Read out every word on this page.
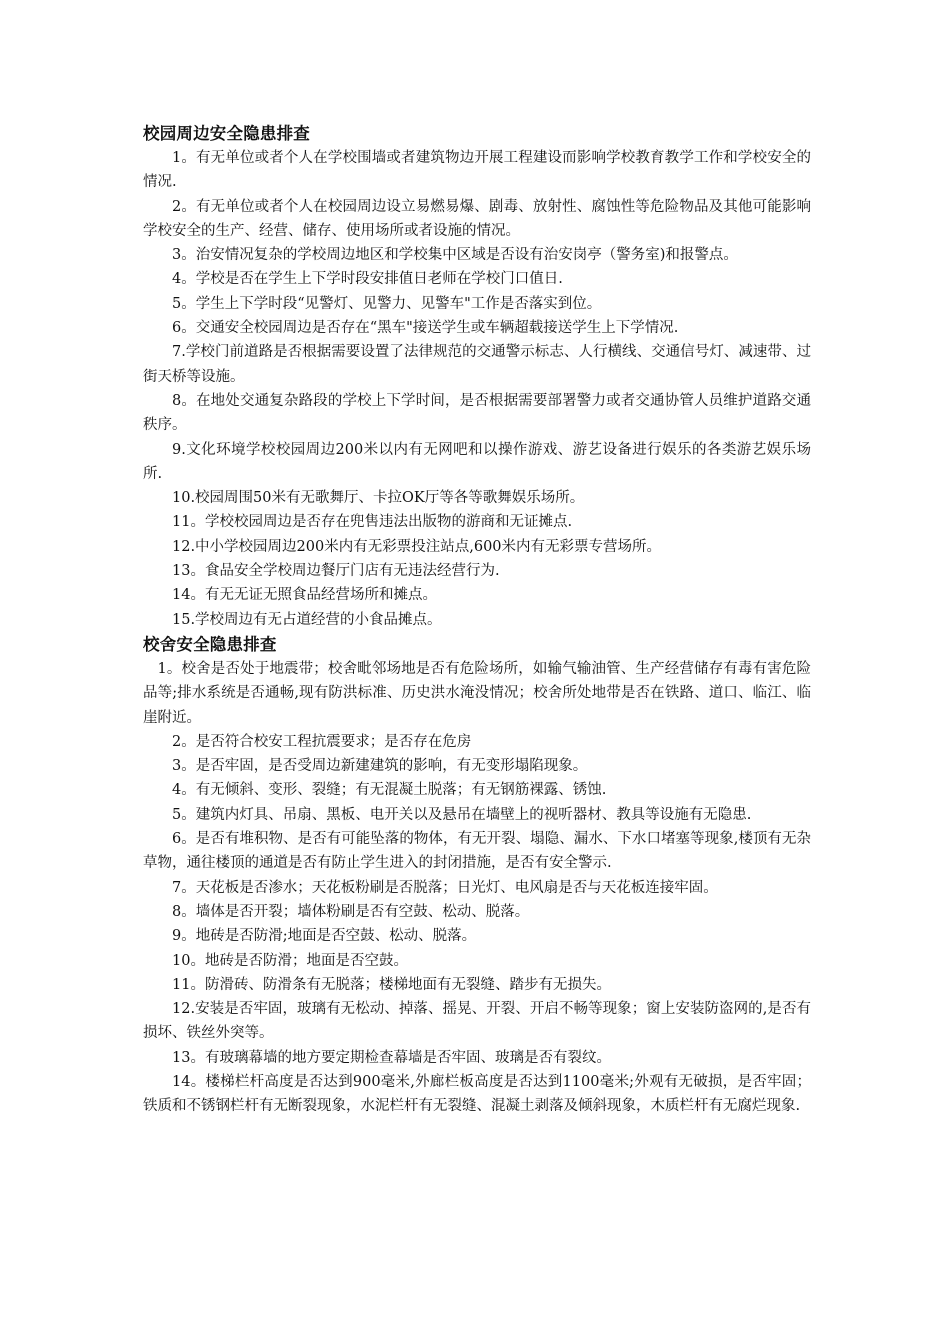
校园周边安全隐患排查

1。有无单位或者个人在学校围墙或者建筑物边开展工程建设而影响学校教育教学工作和学校安全的情况.

2。有无单位或者个人在校园周边设立易燃易爆、剧毒、放射性、腐蚀性等危险物品及其他可能影响学校安全的生产、经营、储存、使用场所或者设施的情况。

3。治安情况复杂的学校周边地区和学校集中区域是否设有治安岗亭（警务室)和报警点。

4。学校是否在学生上下学时段安排值日老师在学校门口值日.

5。学生上下学时段“见警灯、见警力、见警车"工作是否落实到位。

6。交通安全校园周边是否存在“黑车"接送学生或车辆超载接送学生上下学情况.

7.学校门前道路是否根据需要设置了法律规范的交通警示标志、人行横线、交通信号灯、减速带、过街天桥等设施。

8。在地处交通复杂路段的学校上下学时间，是否根据需要部署警力或者交通协管人员维护道路交通秩序。

9.文化环境学校校园周边200米以内有无网吧和以操作游戏、游艺设备进行娱乐的各类游艺娱乐场所.

10.校园周围50米有无歌舞厅、卡拉OK厅等各等歌舞娱乐场所。

11。学校校园周边是否存在兜售违法出版物的游商和无证摊点.

12.中小学校园周边200米内有无彩票投注站点,600米内有无彩票专营场所。

13。食品安全学校周边餐厅门店有无违法经营行为.

14。有无无证无照食品经营场所和摊点。

15.学校周边有无占道经营的小食品摊点。

校舍安全隐患排查

1。校舍是否处于地震带；校舍毗邻场地是否有危险场所，如输气输油管、生产经营储存有毒有害危险品等;排水系统是否通畅,现有防洪标准、历史洪水淹没情况；校舍所处地带是否在铁路、道口、临江、临崖附近。

2。是否符合校安工程抗震要求；是否存在危房

3。是否牢固，是否受周边新建建筑的影响，有无变形塌陷现象。

4。有无倾斜、变形、裂缝；有无混凝土脱落；有无钢筋裸露、锈蚀.

5。建筑内灯具、吊扇、黑板、电开关以及悬吊在墙壁上的视听器材、教具等设施有无隐患.

6。是否有堆积物、是否有可能坠落的物体，有无开裂、塌隐、漏水、下水口堵塞等现象,楼顶有无杂草物，通往楼顶的通道是否有防止学生进入的封闭措施，是否有安全警示.

7。天花板是否渗水；天花板粉刷是否脱落；日光灯、电风扇是否与天花板连接牢固。

8。墙体是否开裂；墙体粉刷是否有空鼓、松动、脱落。

9。地砖是否防滑;地面是否空鼓、松动、脱落。

10。地砖是否防滑；地面是否空鼓。

11。防滑砖、防滑条有无脱落；楼梯地面有无裂缝、踏步有无损失。

12.安装是否牢固，玻璃有无松动、掉落、摇晃、开裂、开启不畅等现象；窗上安装防盗网的,是否有损坏、铁丝外突等。

13。有玻璃幕墙的地方要定期检查幕墙是否牢固、玻璃是否有裂纹。

14。楼梯栏杆高度是否达到900毫米,外廊栏板高度是否达到1100毫米;外观有无破损，是否牢固；铁质和不锈钢栏杆有无断裂现象，水泥栏杆有无裂缝、混凝土剥落及倾斜现象，木质栏杆有无腐烂现象.
